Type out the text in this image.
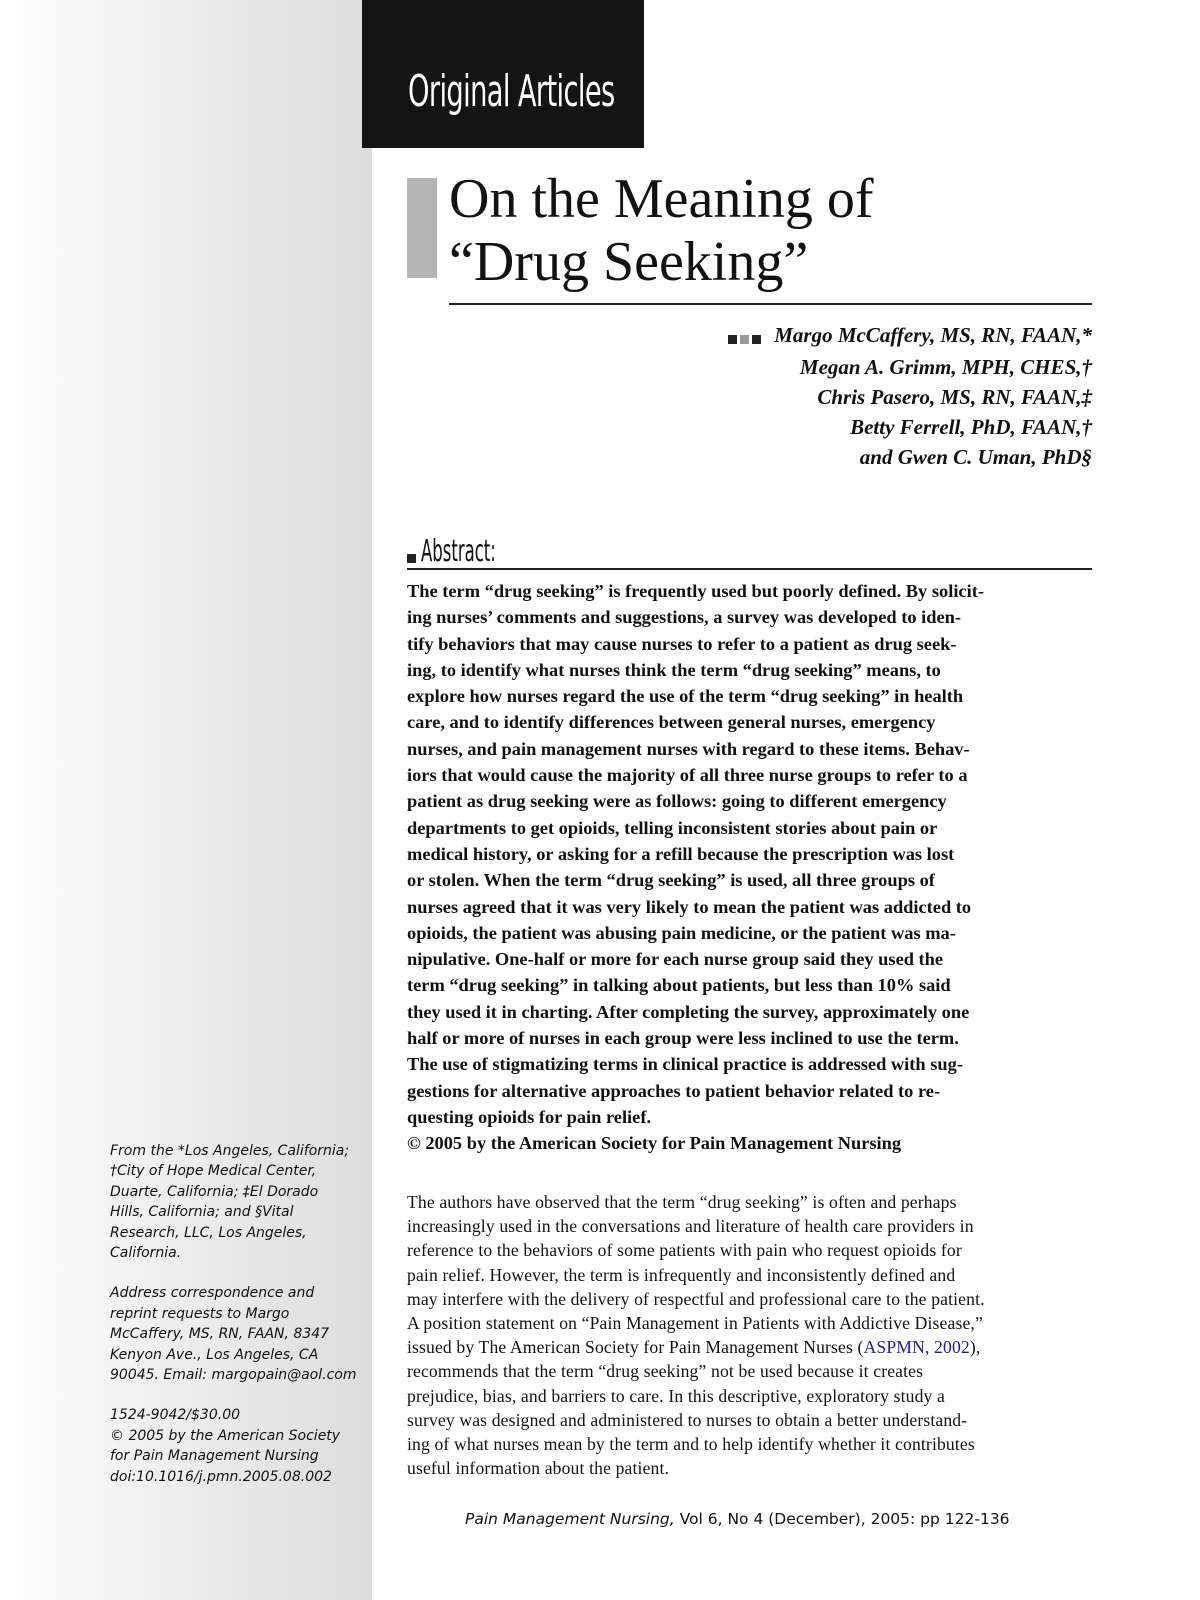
Original Articles
On the Meaning of
“Drug Seeking”
Margo McCaffery, MS, RN, FAAN,*
Megan A. Grimm, MPH, CHES,†
Chris Pasero, MS, RN, FAAN,‡
Betty Ferrell, PhD, FAAN,†
and Gwen C. Uman, PhD§
Abstract:
The term “drug seeking” is frequently used but poorly defined. By solicit-
ing nurses’ comments and suggestions, a survey was developed to iden-
tify behaviors that may cause nurses to refer to a patient as drug seek-
ing, to identify what nurses think the term “drug seeking” means, to
explore how nurses regard the use of the term “drug seeking” in health
care, and to identify differences between general nurses, emergency
nurses, and pain management nurses with regard to these items. Behav-
iors that would cause the majority of all three nurse groups to refer to a
patient as drug seeking were as follows: going to different emergency
departments to get opioids, telling inconsistent stories about pain or
medical history, or asking for a refill because the prescription was lost
or stolen. When the term “drug seeking” is used, all three groups of
nurses agreed that it was very likely to mean the patient was addicted to
opioids, the patient was abusing pain medicine, or the patient was ma-
nipulative. One-half or more for each nurse group said they used the
term “drug seeking” in talking about patients, but less than 10% said
they used it in charting. After completing the survey, approximately one
half or more of nurses in each group were less inclined to use the term.
The use of stigmatizing terms in clinical practice is addressed with sug-
gestions for alternative approaches to patient behavior related to re-
questing opioids for pain relief.
© 2005 by the American Society for Pain Management Nursing
The authors have observed that the term “drug seeking” is often and perhaps
increasingly used in the conversations and literature of health care providers in
reference to the behaviors of some patients with pain who request opioids for
pain relief. However, the term is infrequently and inconsistently defined and
may interfere with the delivery of respectful and professional care to the patient.
A position statement on “Pain Management in Patients with Addictive Disease,”
issued by The American Society for Pain Management Nurses (ASPMN, 2002),
recommends that the term “drug seeking” not be used because it creates
prejudice, bias, and barriers to care. In this descriptive, exploratory study a
survey was designed and administered to nurses to obtain a better understand-
ing of what nurses mean by the term and to help identify whether it contributes
useful information about the patient.
From the *Los Angeles, California;
†City of Hope Medical Center,
Duarte, California; ‡El Dorado
Hills, California; and §Vital
Research, LLC, Los Angeles,
California.
Address correspondence and
reprint requests to Margo
McCaffery, MS, RN, FAAN, 8347
Kenyon Ave., Los Angeles, CA
90045. Email: margopain@aol.com
1524-9042/$30.00
© 2005 by the American Society
for Pain Management Nursing
doi:10.1016/j.pmn.2005.08.002
Pain Management Nursing, Vol 6, No 4 (December), 2005: pp 122-136
